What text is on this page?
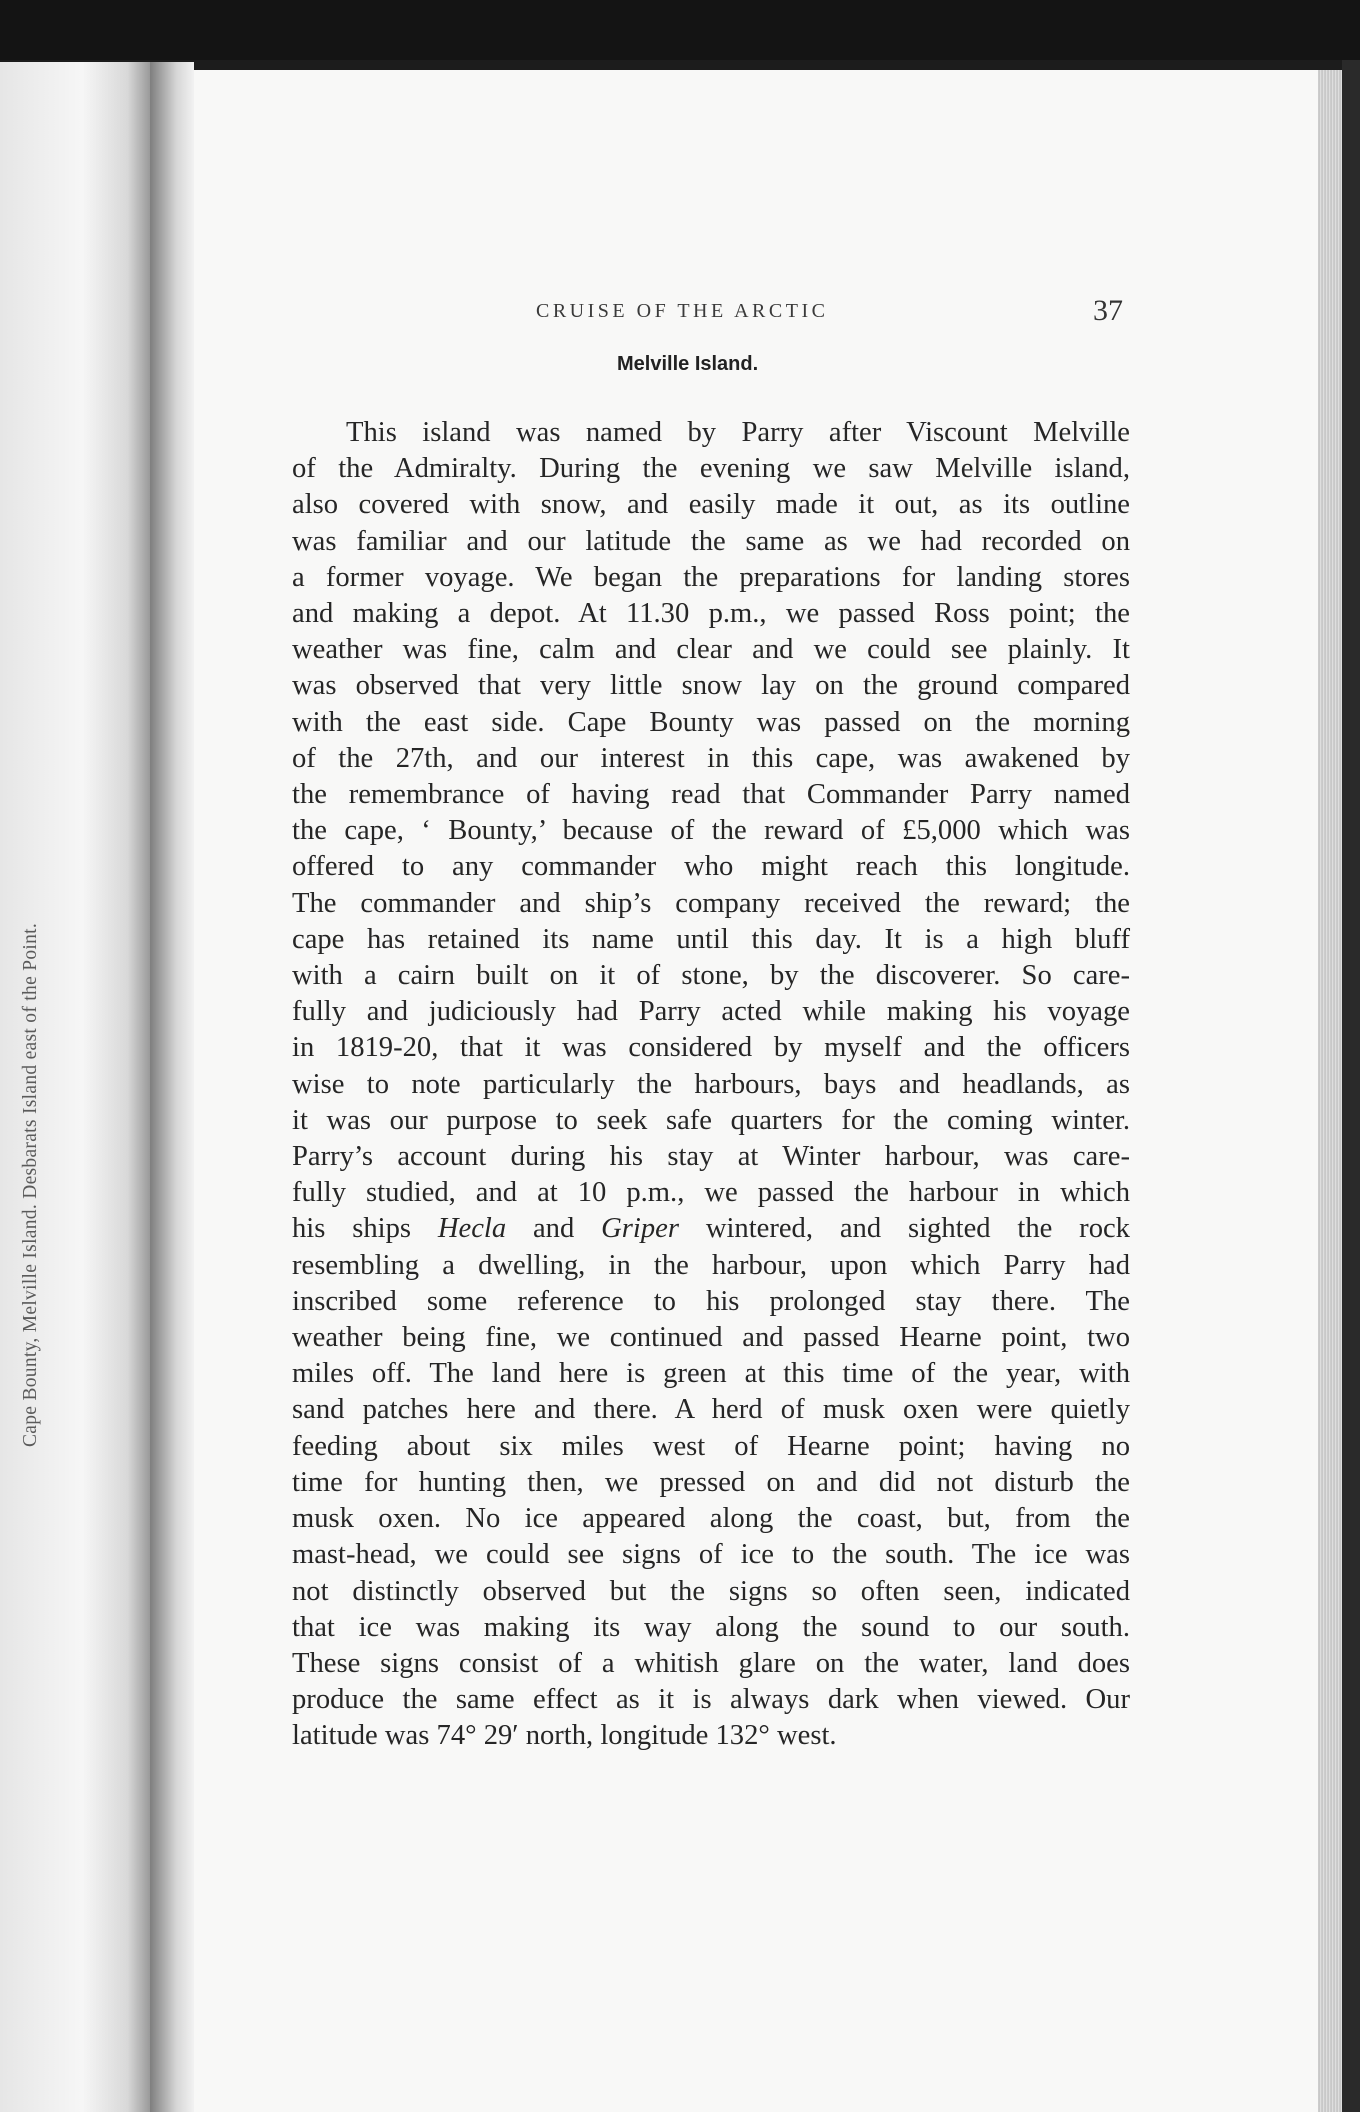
Cape Bounty, Melville Island. Desbarats Island east of the Point.
CRUISE OF THE ARCTIC	37
Melville Island.
This island was named by Parry after Viscount Melville
of the Admiralty. During the evening we saw Melville island,
also covered with snow, and easily made it out, as its outline
was familiar and our latitude the same as we had recorded on
a former voyage. We began the preparations for landing stores
and making a depot. At 11.30 p.m., we passed Ross point; the
weather was fine, calm and clear and we could see plainly. It
was observed that very little snow lay on the ground compared
with the east side. Cape Bounty was passed on the morning
of the 27th, and our interest in this cape, was awakened by
the remembrance of having read that Commander Parry named
the cape, ‘ Bounty,’ because of the reward of £5,000 which was
offered to any commander who might reach this longitude.
The commander and ship’s company received the reward; the
cape has retained its name until this day. It is a high bluff
with a cairn built on it of stone, by the discoverer. So care-
fully and judiciously had Parry acted while making his voyage
in 1819-20, that it was considered by myself and the officers
wise to note particularly the harbours, bays and headlands, as
it was our purpose to seek safe quarters for the coming winter.
Parry’s account during his stay at Winter harbour, was care-
fully studied, and at 10 p.m., we passed the harbour in which
his ships Hecla and Griper wintered, and sighted the rock
resembling a dwelling, in the harbour, upon which Parry had
inscribed some reference to his prolonged stay there. The
weather being fine, we continued and passed Hearne point, two
miles off. The land here is green at this time of the year, with
sand patches here and there. A herd of musk oxen were quietly
feeding about six miles west of Hearne point; having no
time for hunting then, we pressed on and did not disturb the
musk oxen. No ice appeared along the coast, but, from the
mast-head, we could see signs of ice to the south. The ice was
not distinctly observed but the signs so often seen, indicated
that ice was making its way along the sound to our south.
These signs consist of a whitish glare on the water, land does
produce the same effect as it is always dark when viewed. Our
latitude was 74° 29′ north, longitude 132° west.
